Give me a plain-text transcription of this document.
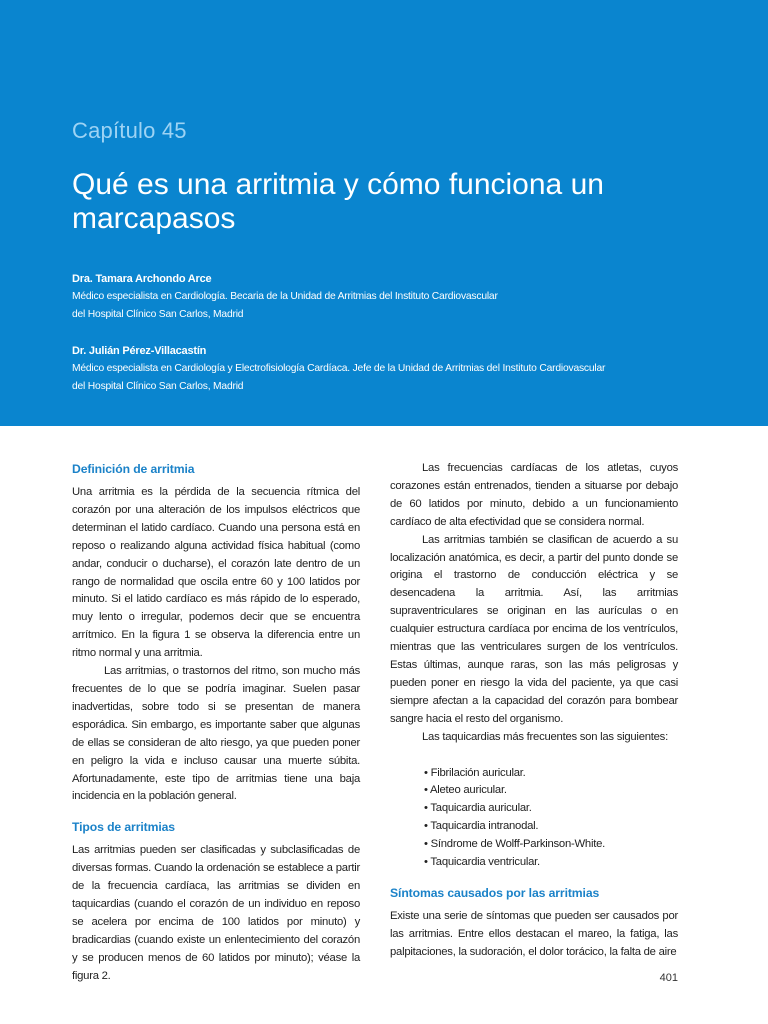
Capítulo 45
Qué es una arritmia y cómo funciona un marcapasos
Dra. Tamara Archondo Arce
Médico especialista en Cardiología. Becaria de la Unidad de Arritmias del Instituto Cardiovascular
del Hospital Clínico San Carlos, Madrid
Dr. Julián Pérez-Villacastín
Médico especialista en Cardiología y Electrofisiología Cardíaca. Jefe de la Unidad de Arritmias del Instituto Cardiovascular
del Hospital Clínico San Carlos, Madrid
Definición de arritmia

Una arritmia es la pérdida de la secuencia rítmica del corazón por una alteración de los impulsos eléctricos que determinan el latido cardíaco. Cuando una persona está en reposo o realizando alguna actividad física habitual (como andar, conducir o ducharse), el corazón late dentro de un rango de normalidad que oscila entre 60 y 100 latidos por minuto. Si el latido cardíaco es más rápido de lo esperado, muy lento o irregular, podemos decir que se encuentra arrítmico. En la figura 1 se observa la diferencia entre un ritmo normal y una arritmia.

Las arritmias, o trastornos del ritmo, son mucho más frecuentes de lo que se podría imaginar. Suelen pasar inadvertidas, sobre todo si se presentan de manera esporádica. Sin embargo, es importante saber que algunas de ellas se consideran de alto riesgo, ya que pueden poner en peligro la vida e incluso causar una muerte súbita. Afortunadamente, este tipo de arritmias tiene una baja incidencia en la población general.

Tipos de arritmias

Las arritmias pueden ser clasificadas y subclasificadas de diversas formas. Cuando la ordenación se establece a partir de la frecuencia cardíaca, las arritmias se dividen en taquicardias (cuando el corazón de un individuo en reposo se acelera por encima de 100 latidos por minuto) y bradicardias (cuando existe un enlentecimiento del corazón y se producen menos de 60 latidos por minuto); véase la figura 2.

Las frecuencias cardíacas de los atletas, cuyos corazones están entrenados, tienden a situarse por debajo de 60 latidos por minuto, debido a un funcionamiento cardíaco de alta efectividad que se considera normal.

Las arritmias también se clasifican de acuerdo a su localización anatómica, es decir, a partir del punto donde se origina el trastorno de conducción eléctrica y se desencadena la arritmia. Así, las arritmias supraventriculares se originan en las aurículas o en cualquier estructura cardíaca por encima de los ventrículos, mientras que las ventriculares surgen de los ventrículos. Estas últimas, aunque raras, son las más peligrosas y pueden poner en riesgo la vida del paciente, ya que casi siempre afectan a la capacidad del corazón para bombear sangre hacia el resto del organismo.

Las taquicardias más frecuentes son las siguientes:

• Fibrilación auricular.
• Aleteo auricular.
• Taquicardia auricular.
• Taquicardia intranodal.
• Síndrome de Wolff-Parkinson-White.
• Taquicardia ventricular.
Síntomas causados por las arritmias

Existe una serie de síntomas que pueden ser causados por las arritmias. Entre ellos destacan el mareo, la fatiga, las palpitaciones, la sudoración, el dolor torácico, la falta de aire

401
